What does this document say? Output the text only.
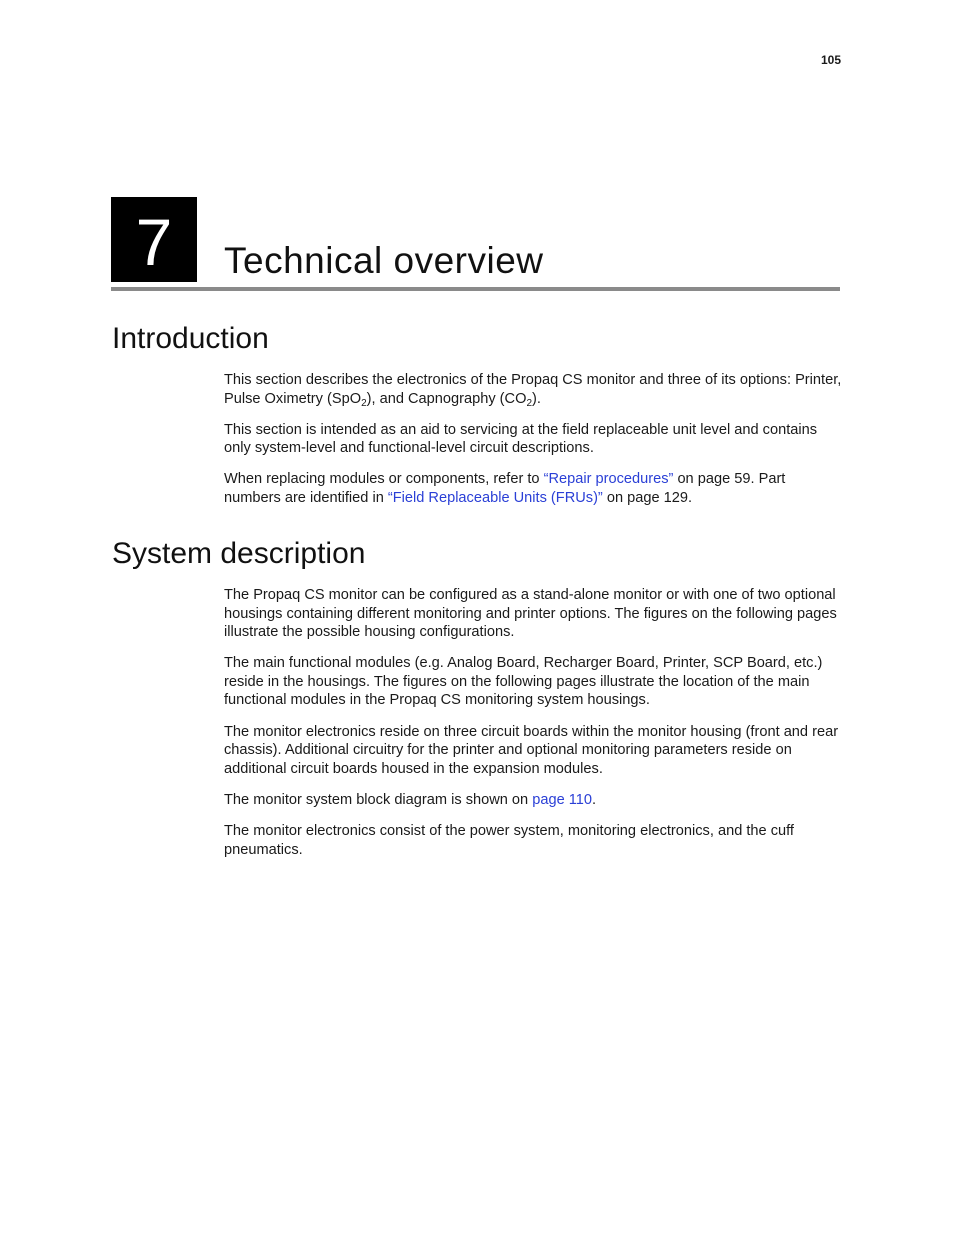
105
7 Technical overview
Introduction

This section describes the electronics of the Propaq CS monitor and three of its options: Printer, Pulse Oximetry (SpO$_2$), and Capnography $(CO_2)$.

This section is intended as an aid to servicing at the field replaceable unit level and contains only system-level and functional-level circuit descriptions.

When replacing modules or components, refer to “Repair procedures” on page 59. Part numbers are identified in “Field Replaceable Units (FRUs)” on page 129.

System description

The Propaq CS monitor can be configured as a stand-alone monitor or with one of two optional housings containing different monitoring and printer options. The figures on the following pages illustrate the possible housing configurations.

The main functional modules (e.g. Analog Board, Recharger Board, Printer, SCP Board, etc.) reside in the housings. The figures on the following pages illustrate the location of the main functional modules in the Propaq CS monitoring system housings.

The monitor electronics reside on three circuit boards within the monitor housing (front and rear chassis). Additional circuitry for the printer and optional monitoring parameters reside on additional circuit boards housed in the expansion modules.

The monitor system block diagram is shown on page 110.

The monitor electronics consist of the power system, monitoring electronics, and the cuff pneumatics.
